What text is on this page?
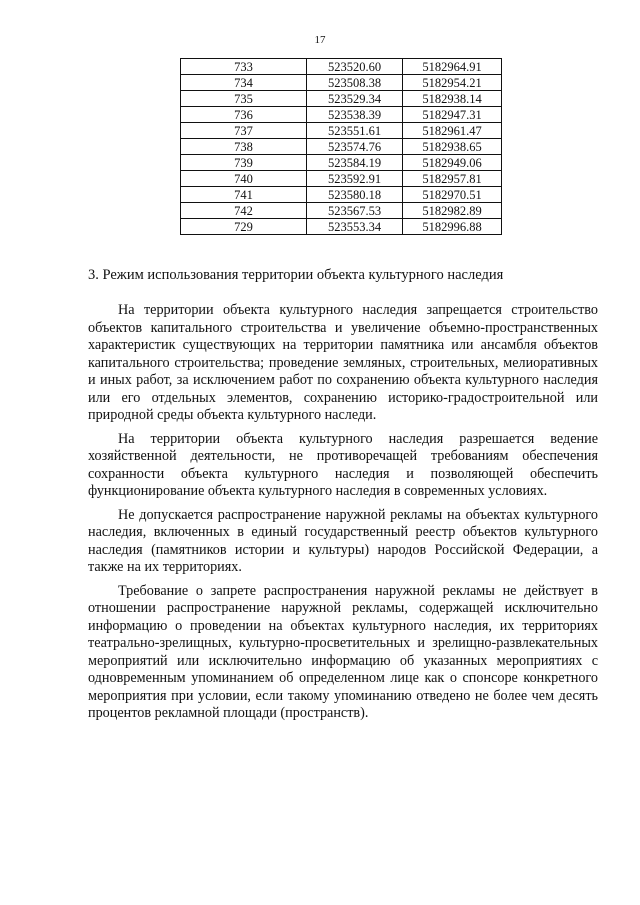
17
733	523520.60	5182964.91
734	523508.38	5182954.21
735	523529.34	5182938.14
736	523538.39	5182947.31
737	523551.61	5182961.47
738	523574.76	5182938.65
739	523584.19	5182949.06
740	523592.91	5182957.81
741	523580.18	5182970.51
742	523567.53	5182982.89
729	523553.34	5182996.88
3. Режим использования территории объекта культурного наследия

На территории объекта культурного наследия запрещается строительство объектов капитального строительства и увеличение объемно-пространственных характеристик существующих на территории памятника или ансамбля объектов капитального строительства; проведение земляных, строительных, мелиоративных и иных работ, за исключением работ по сохранению объекта культурного наследия или его отдельных элементов, сохранению историко-градостроительной или природной среды объекта культурного наследи.

На территории объекта культурного наследия разрешается ведение хозяйственной деятельности, не противоречащей требованиям обеспечения сохранности объекта культурного наследия и позволяющей обеспечить функционирование объекта культурного наследия в современных условиях.

Не допускается распространение наружной рекламы на объектах культурного наследия, включенных в единый государственный реестр объектов культурного наследия (памятников истории и культуры) народов Российской Федерации, а также на их территориях.

Требование о запрете распространения наружной рекламы не действует в отношении распространение наружной рекламы, содержащей исключительно информацию о проведении на объектах культурного наследия, их территориях театрально-зрелищных, культурно-просветительных и зрелищно-развлекательных мероприятий или исключительно информацию об указанных мероприятиях с одновременным упоминанием об определенном лице как о спонсоре конкретного мероприятия при условии, если такому упоминанию отведено не более чем десять процентов рекламной площади (пространств).
